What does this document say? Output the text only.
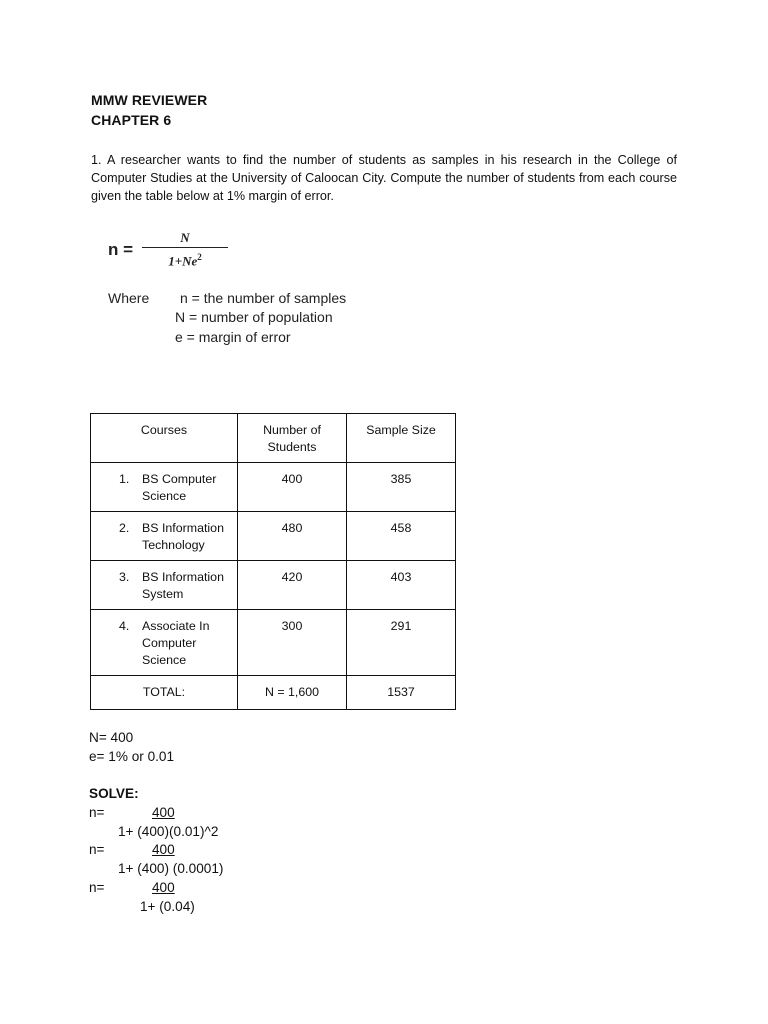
MMW REVIEWER
CHAPTER 6
1. A researcher wants to find the number of students as samples in his research in the College of Computer Studies at the University of Caloocan City. Compute the number of students from each course given the table below at 1% margin of error.
n =
N
$1+Ne^2$
Where n = the number of samples
N = number of population
e = margin of error
Courses	Number of Students	Sample Size

1. BS Computer Science	400	385

2. BS Information Technology	480	458

3. BS Information System	420	403

4. Associate In Computer Science	300	291
TOTAL:	N = 1,600	1537
N= 400
e= 1% or 0.01
SOLVE:
n=	400
1+ (400)(0.01)^2
n=	400
1+ (400) (0.0001)
n=	400
1+ (0.04)
